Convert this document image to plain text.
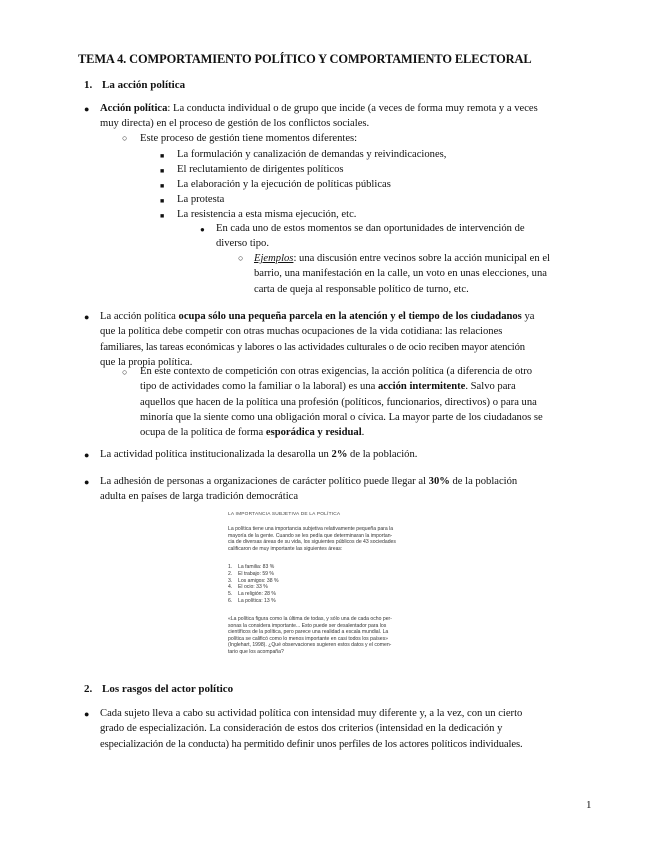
TEMA 4. COMPORTAMIENTO POLÍTICO Y COMPORTAMIENTO ELECTORAL
1. La acción política
● Acción política: La conducta individual o de grupo que incide (a veces de forma muy remota y a veces
muy directa) en el proceso de gestión de los conflictos sociales.
○ Este proceso de gestión tiene momentos diferentes:
■ La formulación y canalización de demandas y reivindicaciones,
■ El reclutamiento de dirigentes políticos
■ La elaboración y la ejecución de políticas públicas
■ La protesta
■ La resistencia a esta misma ejecución, etc.
● En cada uno de estos momentos se dan oportunidades de intervención de
diverso tipo.
○ Ejemplos: una discusión entre vecinos sobre la acción municipal en el
barrio, una manifestación en la calle, un voto en unas elecciones, una
carta de queja al responsable político de turno, etc.
● La acción política ocupa sólo una pequeña parcela en la atención y el tiempo de los ciudadanos ya
que la política debe competir con otras muchas ocupaciones de la vida cotidiana: las relaciones
familiares, las tareas económicas y labores o las actividades culturales o de ocio reciben mayor atención
que la propia política.
○ En este contexto de competición con otras exigencias, la acción política (a diferencia de otro
tipo de actividades como la familiar o la laboral) es una acción intermitente. Salvo para
aquellos que hacen de la política una profesión (políticos, funcionarios, directivos) o para una
minoría que la siente como una obligación moral o cívica. La mayor parte de los ciudadanos se
ocupa de la política de forma esporádica y residual.
● La actividad política institucionalizada la desarolla un 2% de la población.
● La adhesión de personas a organizaciones de carácter político puede llegar al 30% de la población
adulta en países de larga tradición democrática
LA IMPORTANCIA SUBJETIVA DE LA POLÍTICA
La política tiene una importancia subjetiva relativamente pequeña para la
mayoría de la gente. Cuando se les pedía que determinaran la importan-
cia de diversas áreas de su vida, los siguientes públicos de 43 sociedades
calificaron de muy importante las siguientes áreas:
1. La familia: 83 %
2. El trabajo: 59 %
3. Los amigos: 38 %
4. El ocio: 33 %
5. La religión: 28 %
6. La política: 13 %
«La política figura como la última de todas, y sólo una de cada ocho per-
sonas la considera importante... Esto puede ser desalentador para los
científicos de la política, pero parece una realidad a escala mundial. La
política se calificó como lo menos importante en casi todos los países»
(Inglehart, 1998). ¿Qué observaciones sugieren estos datos y el comen-
tario que los acompaña?
2. Los rasgos del actor político
● Cada sujeto lleva a cabo su actividad política con intensidad muy diferente y, a la vez, con un cierto
grado de especialización. La consideración de estos dos criterios (intensidad en la dedicación y
especialización de la conducta) ha permitido definir unos perfiles de los actores políticos individuales.
1
